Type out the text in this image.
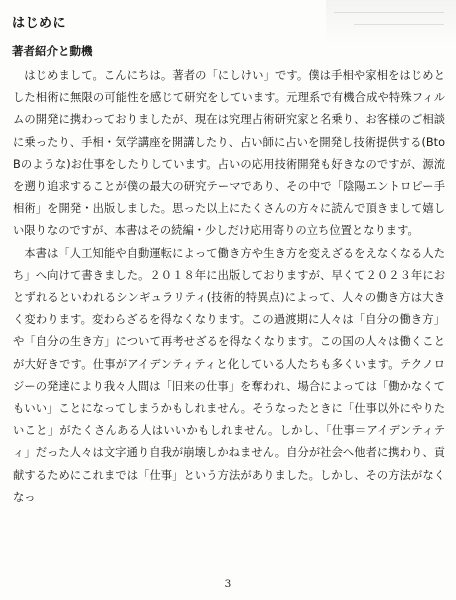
はじめに
著者紹介と動機

はじめまして。こんにちは。著者の「にしけい」です。僕は手相や家相をはじめとした相術に無限の可能性を感じて研究をしています。元理系で有機合成や特殊フィルムの開発に携わっておりましたが、現在は究理占術研究家と名乗り、お客様のご相談に乗ったり、手相・気学講座を開講したり、占い師に占いを開発し技術提供する(BtoBのような)お仕事をしたりしています。占いの応用技術開発も好きなのですが、源流を遡り追求することが僕の最大の研究テーマであり、その中で「陰陽エントロピー手相術」を開発・出版しました。思った以上にたくさんの方々に読んで頂きまして嬉しい限りなのですが、本書はその続編・少しだけ応用寄りの立ち位置となります。

本書は「人工知能や自動運転によって働き方や生き方を変えざるをえなくなる人たち」へ向けて書きました。２０１８年に出版しておりますが、早くて２０２３年におとずれるといわれるシンギュラリティ(技術的特異点)によって、人々の働き方は大きく変わります。変わらざるを得なくなります。この過渡期に人々は「自分の働き方」や「自分の生き方」について再考せざるを得なくなります。この国の人々は働くことが大好きです。仕事がアイデンティティと化している人たちも多くいます。テクノロジーの発達により我々人間は「旧来の仕事」を奪われ、場合によっては「働かなくてもいい」ことになってしまうかもしれません。そうなったときに「仕事以外にやりたいこと」がたくさんある人はいいかもしれません。しかし、「仕事＝アイデンティティ」だった人々は文字通り自我が崩壊しかねません。自分が社会へ他者に携わり、貢献するためにこれまでは「仕事」という方法がありました。しかし、その方法がなくなっ

3
